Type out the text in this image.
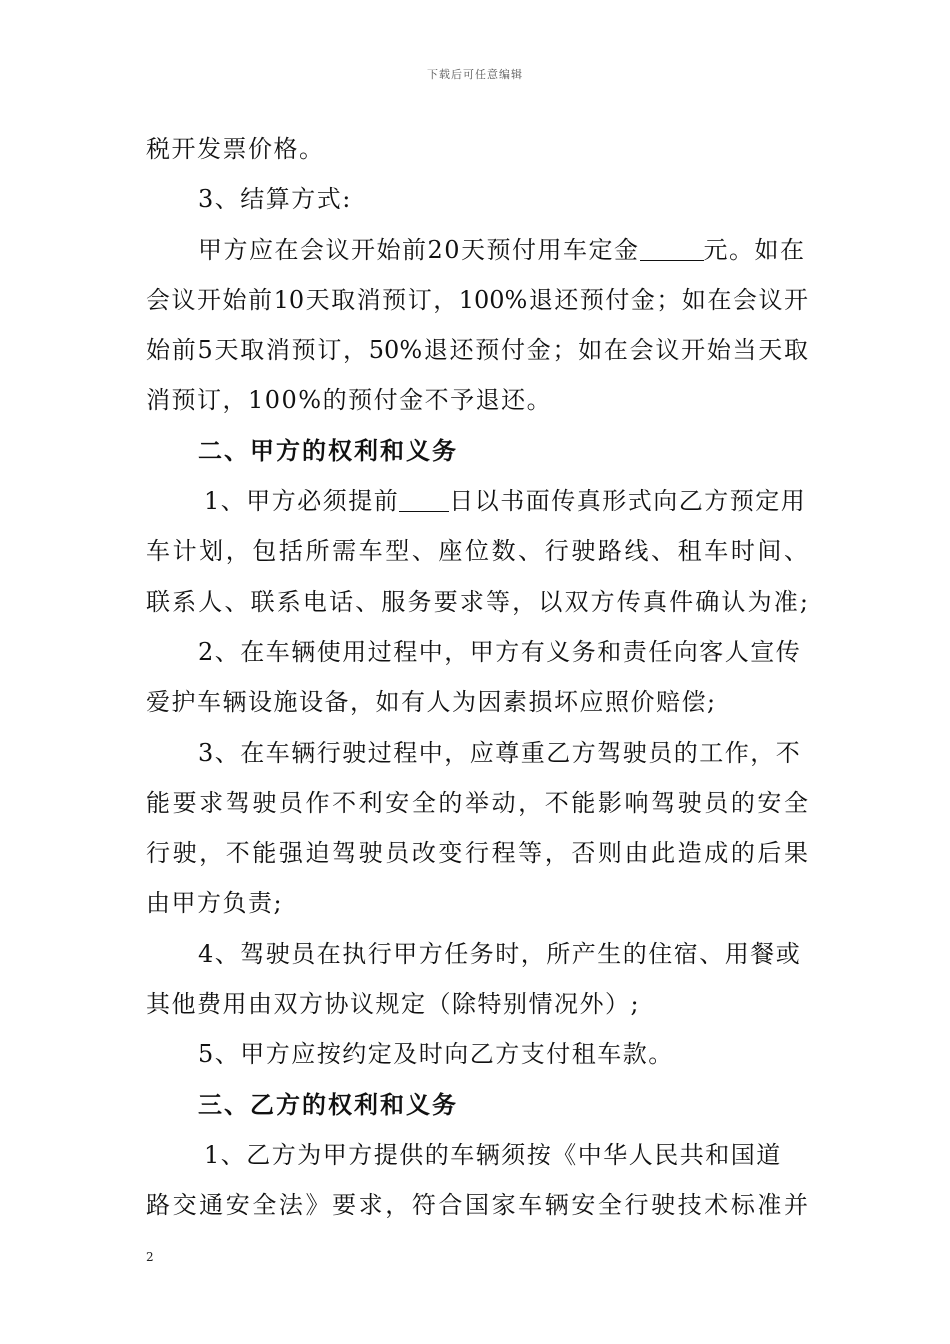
下载后可任意编辑
税开发票价格。
3、结算方式:
甲方应在会议开始前20天预付用车定金	元。如在
会议开始前10天取消预订，100%退还预付金；如在会议开
始前5天取消预订，50%退还预付金；如在会议开始当天取
消预订，100%的预付金不予退还。
二、甲方的权利和义务
1、甲方必须提前 日以书面传真形式向乙方预定用
车计划，包括所需车型、座位数、行驶路线、租车时间、
联系人、联系电话、服务要求等，以双方传真件确认为准;
2、在车辆使用过程中，甲方有义务和责任向客人宣传
爱护车辆设施设备，如有人为因素损坏应照价赔偿;
3、在车辆行驶过程中，应尊重乙方驾驶员的工作，不
能要求驾驶员作不利安全的举动，不能影响驾驶员的安全
行驶，不能强迫驾驶员改变行程等，否则由此造成的后果
由甲方负责;
4、驾驶员在执行甲方任务时，所产生的住宿、用餐或
其他费用由双方协议规定（除特别情况外）;
5、甲方应按约定及时向乙方支付租车款。
三、乙方的权利和义务
1、乙方为甲方提供的车辆须按《中华人民共和国道
路交通安全法》要求，符合国家车辆安全行驶技术标准并
2
